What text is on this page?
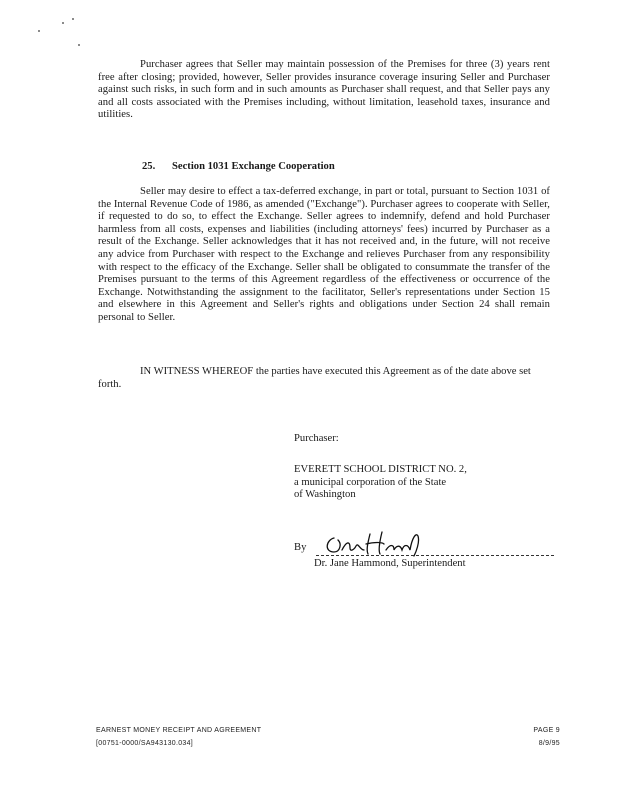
Purchaser agrees that Seller may maintain possession of the Premises for three (3) years rent free after closing; provided, however, Seller provides insurance coverage insuring Seller and Purchaser against such risks, in such form and in such amounts as Purchaser shall request, and that Seller pays any and all costs associated with the Premises including, without limitation, leasehold taxes, insurance and utilities.
25. Section 1031 Exchange Cooperation
Seller may desire to effect a tax-deferred exchange, in part or total, pursuant to Section 1031 of the Internal Revenue Code of 1986, as amended ("Exchange"). Purchaser agrees to cooperate with Seller, if requested to do so, to effect the Exchange. Seller agrees to indemnify, defend and hold Purchaser harmless from all costs, expenses and liabilities (including attorneys' fees) incurred by Purchaser as a result of the Exchange. Seller acknowledges that it has not received and, in the future, will not receive any advice from Purchaser with respect to the Exchange and relieves Purchaser from any responsibility with respect to the efficacy of the Exchange. Seller shall be obligated to consummate the transfer of the Premises pursuant to the terms of this Agreement regardless of the effectiveness or occurrence of the Exchange. Notwithstanding the assignment to the facilitator, Seller's representations under Section 15 and elsewhere in this Agreement and Seller's rights and obligations under Section 24 shall remain personal to Seller.
IN WITNESS WHEREOF the parties have executed this Agreement as of the date above set forth.
Purchaser:
EVERETT SCHOOL DISTRICT NO. 2,
a municipal corporation of the State
of Washington
By
Dr. Jane Hammond, Superintendent
EARNEST MONEY RECEIPT AND AGREEMENT
[00751-0000/SA943130.034]
PAGE 9
8/9/95
